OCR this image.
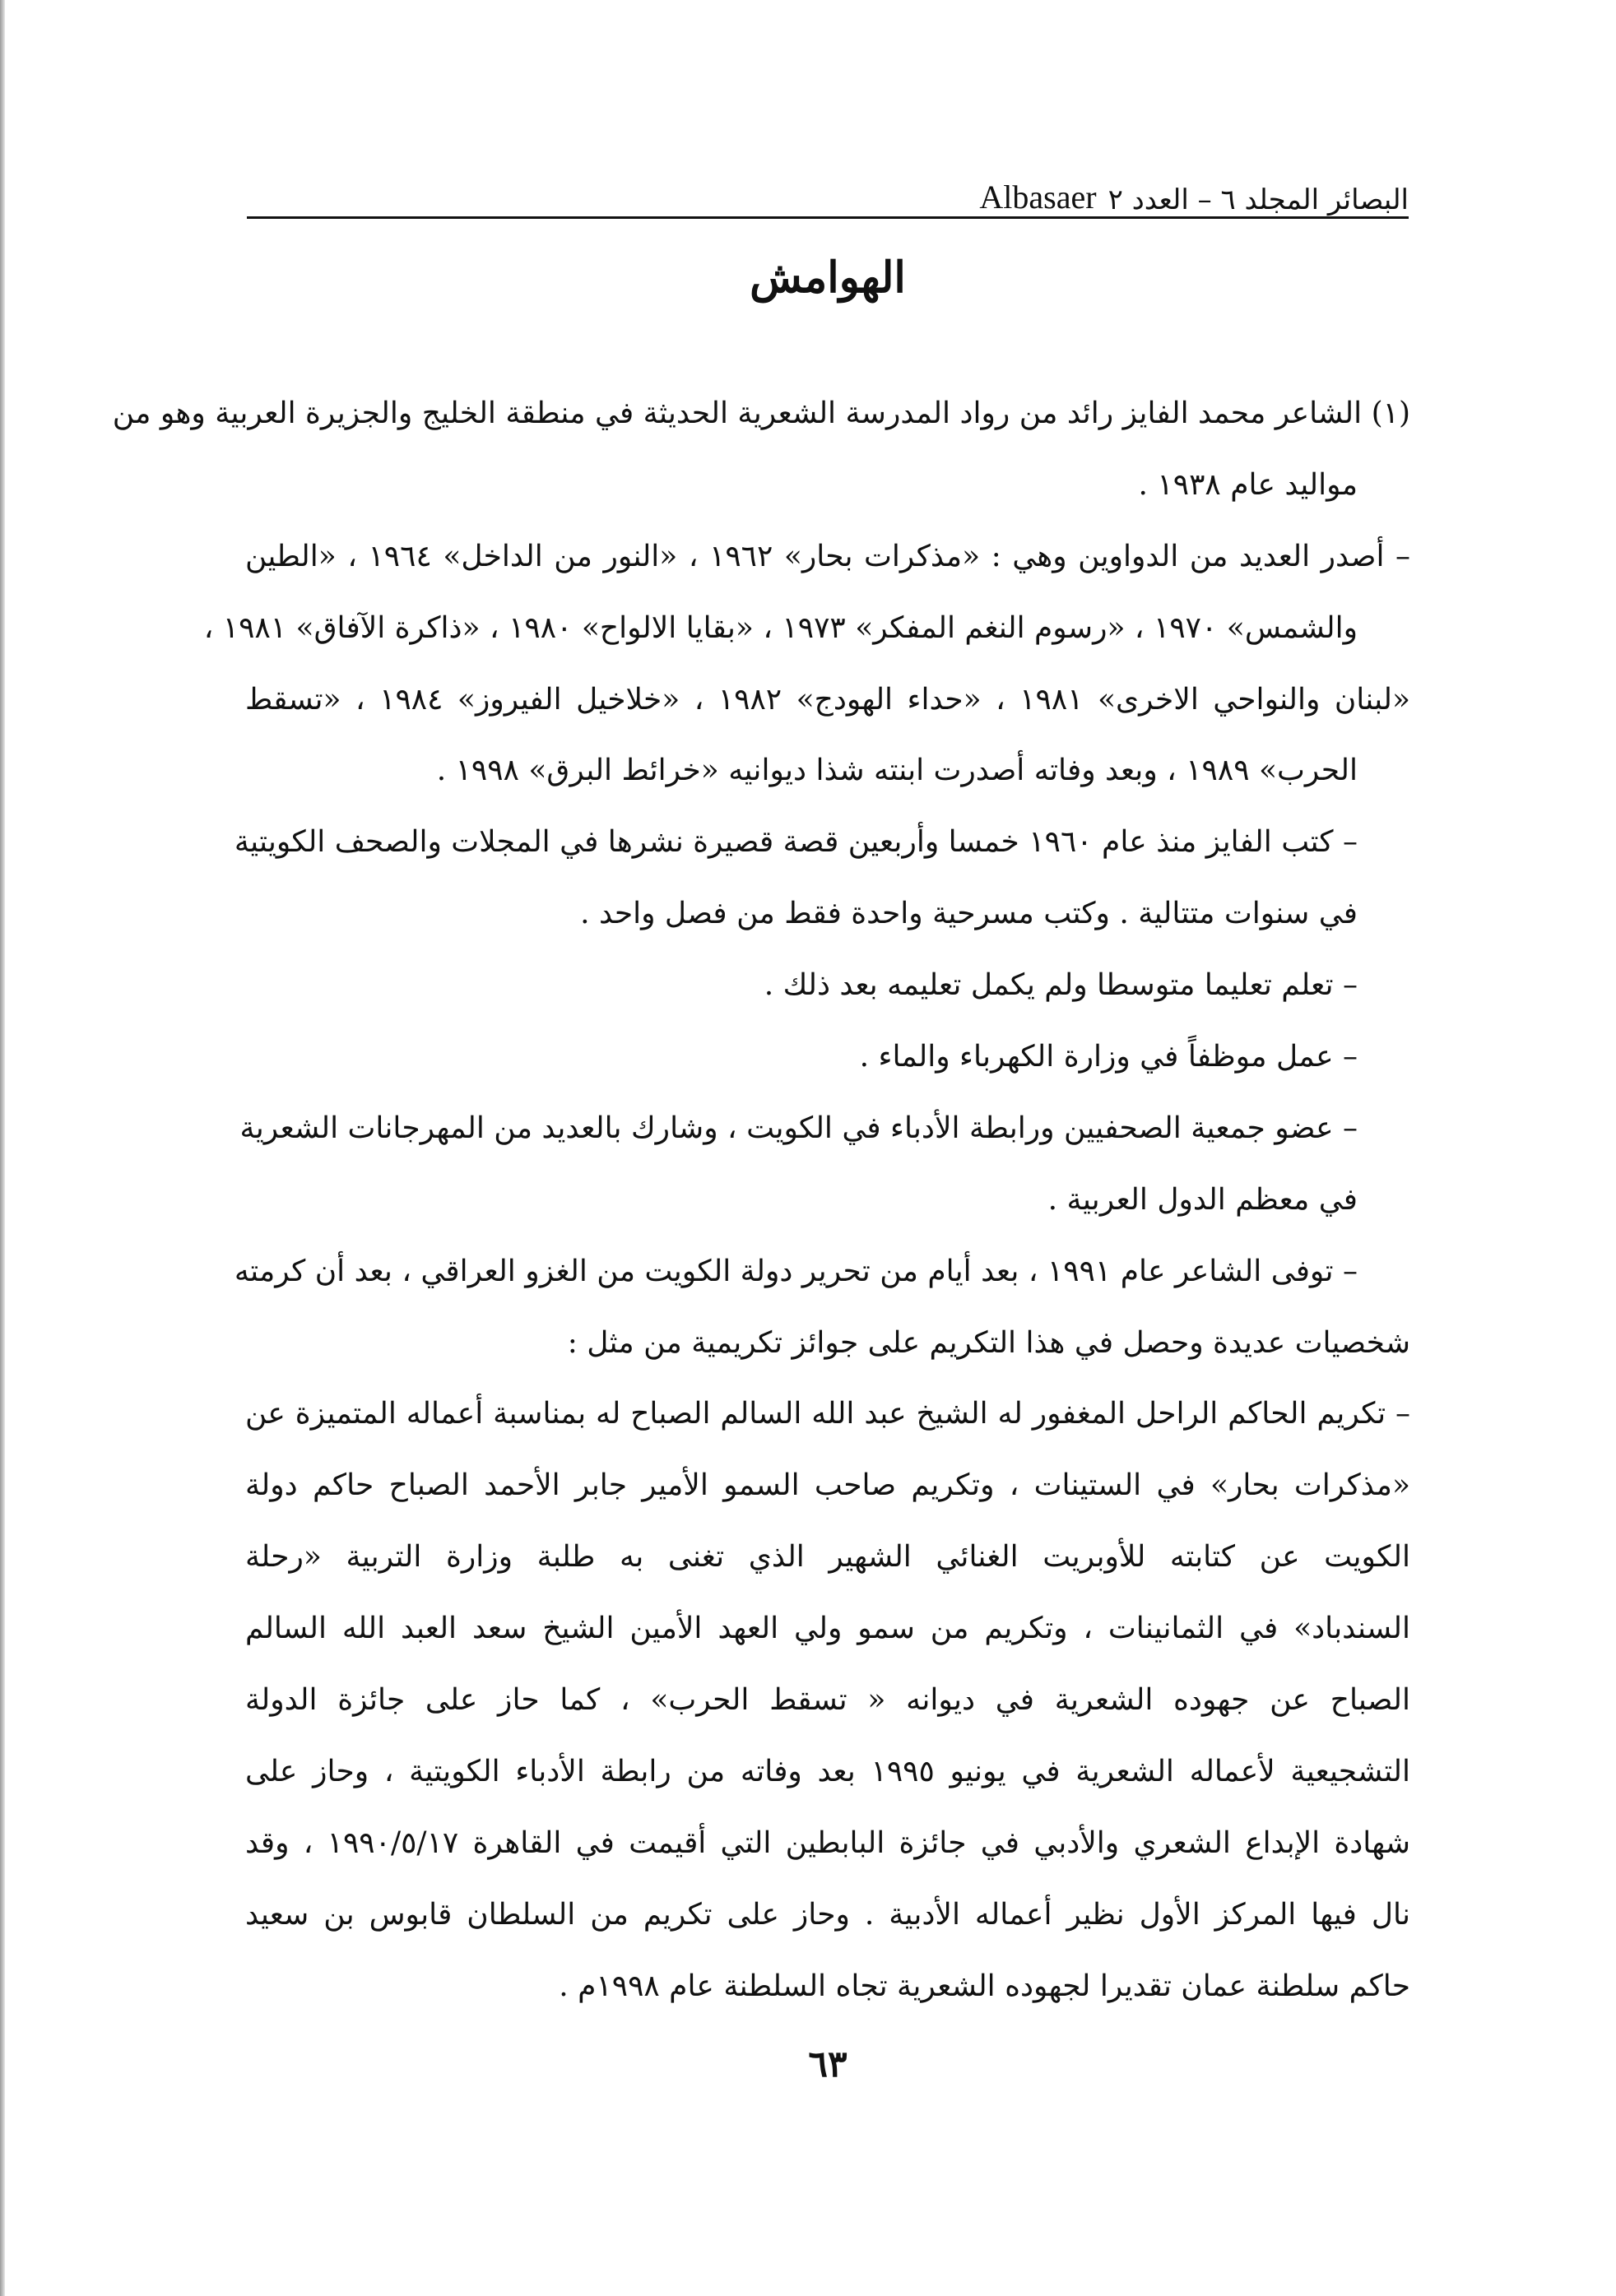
البصائر المجلد ٦ – العدد ٢
Albasaer
الهوامش
(١) الشاعر محمد الفايز رائد من رواد المدرسة الشعرية الحديثة في منطقة الخليج والجزيرة العربية وهو من
مواليد عام ١٩٣٨ .
– أصدر العديد من الدواوين وهي : «مذكرات بحار» ١٩٦٢ ، «النور من الداخل» ١٩٦٤ ، «الطين
والشمس» ١٩٧٠ ، «رسوم النغم المفكر» ١٩٧٣ ، «بقايا الالواح» ١٩٨٠ ، «ذاكرة الآفاق» ١٩٨١ ،
«لبنان والنواحي الاخرى» ١٩٨١ ، «حداء الهودج» ١٩٨٢ ، «خلاخيل الفيروز» ١٩٨٤ ، «تسقط
الحرب» ١٩٨٩ ، وبعد وفاته أصدرت ابنته شذا ديوانيه «خرائط البرق» ١٩٩٨ .
– كتب الفايز منذ عام ١٩٦٠ خمسا وأربعين قصة قصيرة نشرها في المجلات والصحف الكويتية
في سنوات متتالية . وكتب مسرحية واحدة فقط من فصل واحد .
– تعلم تعليما متوسطا ولم يكمل تعليمه بعد ذلك .
– عمل موظفاً في وزارة الكهرباء والماء .
– عضو جمعية الصحفيين ورابطة الأدباء في الكويت ، وشارك بالعديد من المهرجانات الشعرية
في معظم الدول العربية .
– توفى الشاعر عام ١٩٩١ ، بعد أيام من تحرير دولة الكويت من الغزو العراقي ، بعد أن كرمته
شخصيات عديدة وحصل في هذا التكريم على جوائز تكريمية من مثل :
– تكريم الحاكم الراحل المغفور له الشيخ عبد الله السالم الصباح له بمناسبة أعماله المتميزة عن
«مذكرات بحار» في الستينات ، وتكريم صاحب السمو الأمير جابر الأحمد الصباح حاكم دولة
الكويت عن كتابته للأوبريت الغنائي الشهير الذي تغنى به طلبة وزارة التربية «رحلة
السندباد» في الثمانينات ، وتكريم من سمو ولي العهد الأمين الشيخ سعد العبد الله السالم
الصباح عن جهوده الشعرية في ديوانه « تسقط الحرب» ، كما حاز على جائزة الدولة
التشجيعية لأعماله الشعرية في يونيو ١٩٩٥ بعد وفاته من رابطة الأدباء الكويتية ، وحاز على
شهادة الإبداع الشعري والأدبي في جائزة البابطين التي أقيمت في القاهرة ١٩٩٠/٥/١٧ ، وقد
نال فيها المركز الأول نظير أعماله الأدبية . وحاز على تكريم من السلطان قابوس بن سعيد
حاكم سلطنة عمان تقديرا لجهوده الشعرية تجاه السلطنة عام ١٩٩٨م .
٦٣
